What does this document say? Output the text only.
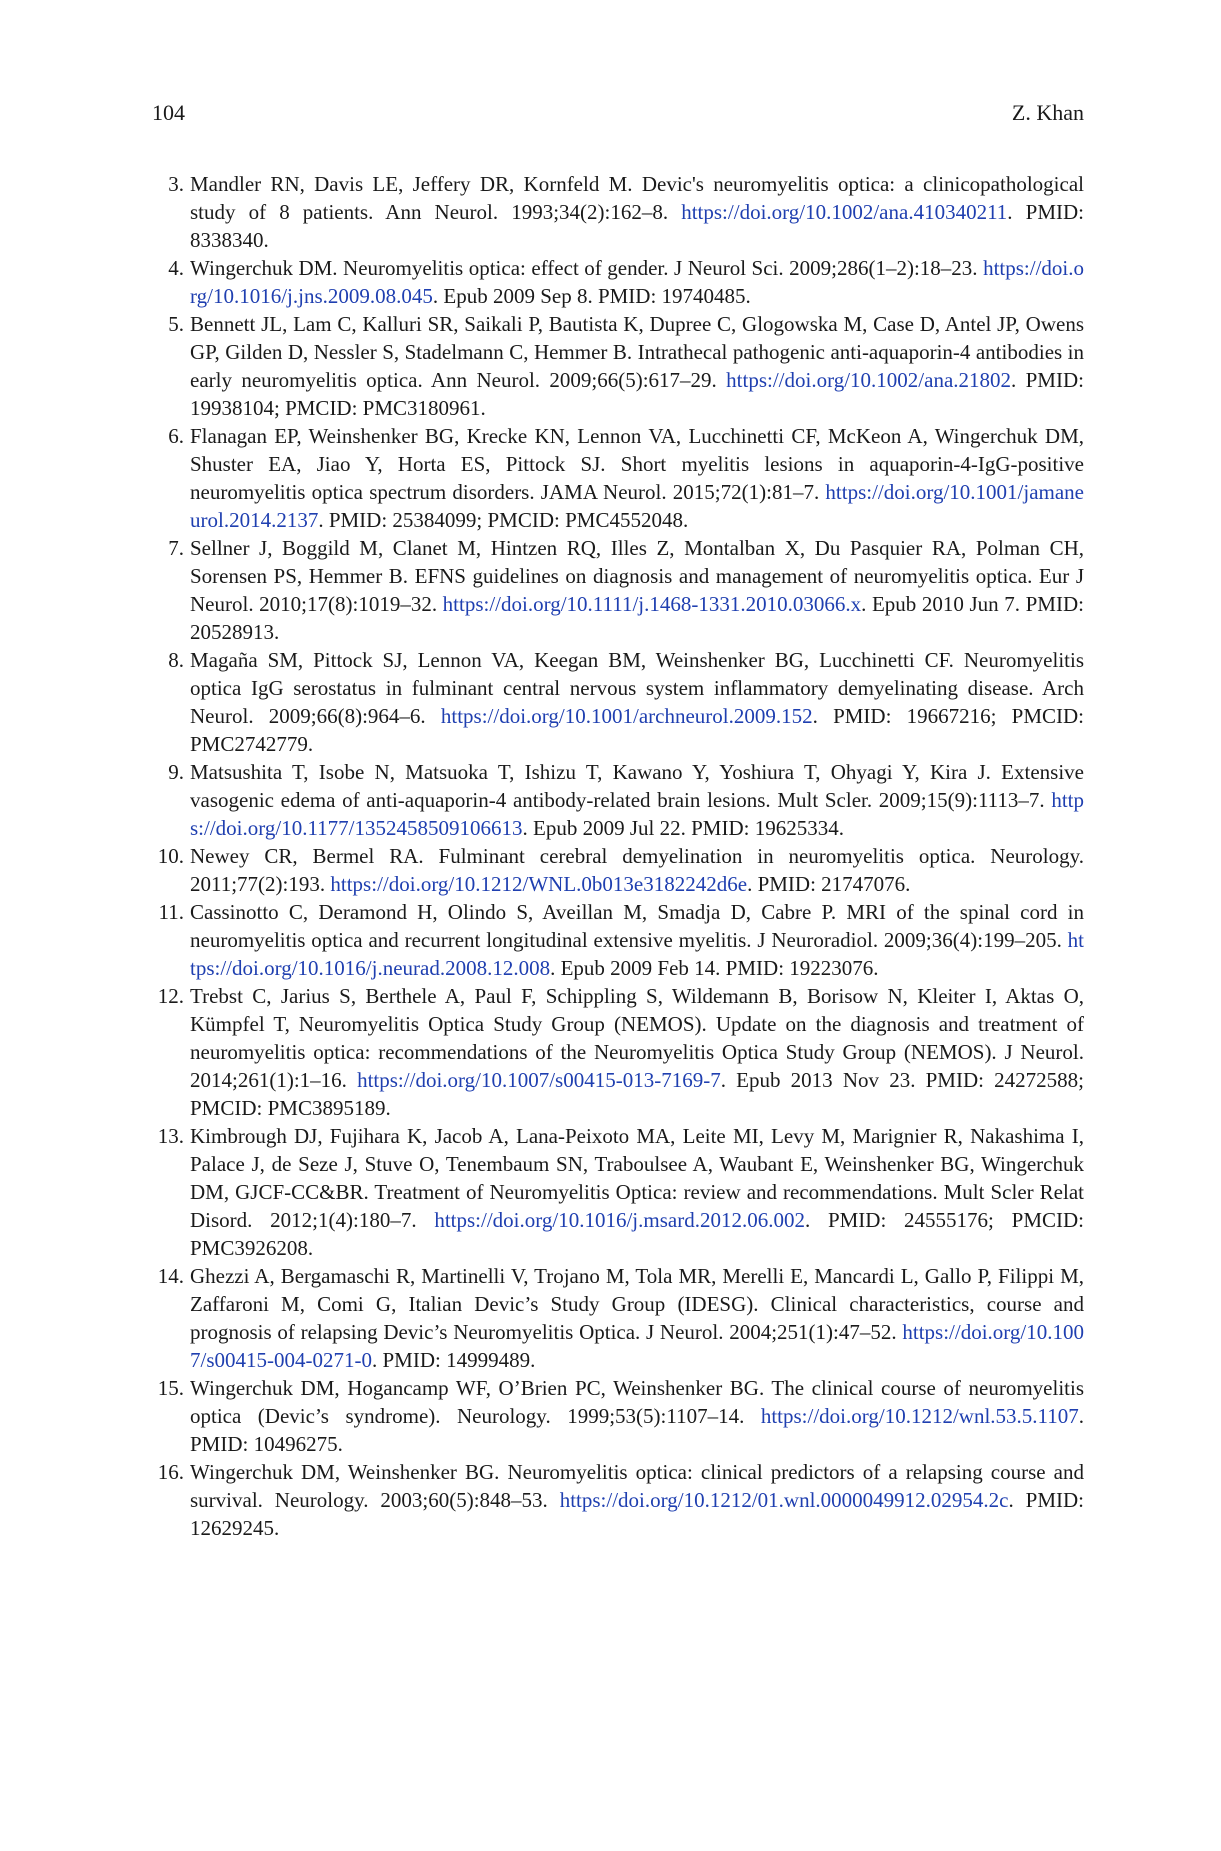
104	Z. Khan
3. Mandler RN, Davis LE, Jeffery DR, Kornfeld M. Devic's neuromyelitis optica: a clinicopathological study of 8 patients. Ann Neurol. 1993;34(2):162–8. https://doi.org/10.1002/ana.410340211. PMID: 8338340.
4. Wingerchuk DM. Neuromyelitis optica: effect of gender. J Neurol Sci. 2009;286(1–2):18–23. https://doi.org/10.1016/j.jns.2009.08.045. Epub 2009 Sep 8. PMID: 19740485.
5. Bennett JL, Lam C, Kalluri SR, Saikali P, Bautista K, Dupree C, Glogowska M, Case D, Antel JP, Owens GP, Gilden D, Nessler S, Stadelmann C, Hemmer B. Intrathecal pathogenic anti-aquaporin-4 antibodies in early neuromyelitis optica. Ann Neurol. 2009;66(5):617–29. https://doi.org/10.1002/ana.21802. PMID: 19938104; PMCID: PMC3180961.
6. Flanagan EP, Weinshenker BG, Krecke KN, Lennon VA, Lucchinetti CF, McKeon A, Wingerchuk DM, Shuster EA, Jiao Y, Horta ES, Pittock SJ. Short myelitis lesions in aquaporin-4-IgG-positive neuromyelitis optica spectrum disorders. JAMA Neurol. 2015;72(1):81–7. https://doi.org/10.1001/jamaneurol.2014.2137. PMID: 25384099; PMCID: PMC4552048.
7. Sellner J, Boggild M, Clanet M, Hintzen RQ, Illes Z, Montalban X, Du Pasquier RA, Polman CH, Sorensen PS, Hemmer B. EFNS guidelines on diagnosis and management of neuromyelitis optica. Eur J Neurol. 2010;17(8):1019–32. https://doi.org/10.1111/j.1468-1331.2010.03066.x. Epub 2010 Jun 7. PMID: 20528913.
8. Magaña SM, Pittock SJ, Lennon VA, Keegan BM, Weinshenker BG, Lucchinetti CF. Neuromyelitis optica IgG serostatus in fulminant central nervous system inflammatory demyelinating disease. Arch Neurol. 2009;66(8):964–6. https://doi.org/10.1001/archneurol.2009.152. PMID: 19667216; PMCID: PMC2742779.
9. Matsushita T, Isobe N, Matsuoka T, Ishizu T, Kawano Y, Yoshiura T, Ohyagi Y, Kira J. Extensive vasogenic edema of anti-aquaporin-4 antibody-related brain lesions. Mult Scler. 2009;15(9):1113–7. https://doi.org/10.1177/1352458509106613. Epub 2009 Jul 22. PMID: 19625334.
10. Newey CR, Bermel RA. Fulminant cerebral demyelination in neuromyelitis optica. Neurology. 2011;77(2):193. https://doi.org/10.1212/WNL.0b013e3182242d6e. PMID: 21747076.
11. Cassinotto C, Deramond H, Olindo S, Aveillan M, Smadja D, Cabre P. MRI of the spinal cord in neuromyelitis optica and recurrent longitudinal extensive myelitis. J Neuroradiol. 2009;36(4):199–205. https://doi.org/10.1016/j.neurad.2008.12.008. Epub 2009 Feb 14. PMID: 19223076.
12. Trebst C, Jarius S, Berthele A, Paul F, Schippling S, Wildemann B, Borisow N, Kleiter I, Aktas O, Kümpfel T, Neuromyelitis Optica Study Group (NEMOS). Update on the diagnosis and treatment of neuromyelitis optica: recommendations of the Neuromyelitis Optica Study Group (NEMOS). J Neurol. 2014;261(1):1–16. https://doi.org/10.1007/s00415-013-7169-7. Epub 2013 Nov 23. PMID: 24272588; PMCID: PMC3895189.
13. Kimbrough DJ, Fujihara K, Jacob A, Lana-Peixoto MA, Leite MI, Levy M, Marignier R, Nakashima I, Palace J, de Seze J, Stuve O, Tenembaum SN, Traboulsee A, Waubant E, Weinshenker BG, Wingerchuk DM, GJCF-CC&BR. Treatment of Neuromyelitis Optica: review and recommendations. Mult Scler Relat Disord. 2012;1(4):180–7. https://doi.org/10.1016/j.msard.2012.06.002. PMID: 24555176; PMCID: PMC3926208.
14. Ghezzi A, Bergamaschi R, Martinelli V, Trojano M, Tola MR, Merelli E, Mancardi L, Gallo P, Filippi M, Zaffaroni M, Comi G, Italian Devic’s Study Group (IDESG). Clinical characteristics, course and prognosis of relapsing Devic’s Neuromyelitis Optica. J Neurol. 2004;251(1):47–52. https://doi.org/10.1007/s00415-004-0271-0. PMID: 14999489.
15. Wingerchuk DM, Hogancamp WF, O’Brien PC, Weinshenker BG. The clinical course of neuromyelitis optica (Devic’s syndrome). Neurology. 1999;53(5):1107–14. https://doi.org/10.1212/wnl.53.5.1107. PMID: 10496275.
16. Wingerchuk DM, Weinshenker BG. Neuromyelitis optica: clinical predictors of a relapsing course and survival. Neurology. 2003;60(5):848–53. https://doi.org/10.1212/01.wnl.0000049912.02954.2c. PMID: 12629245.
